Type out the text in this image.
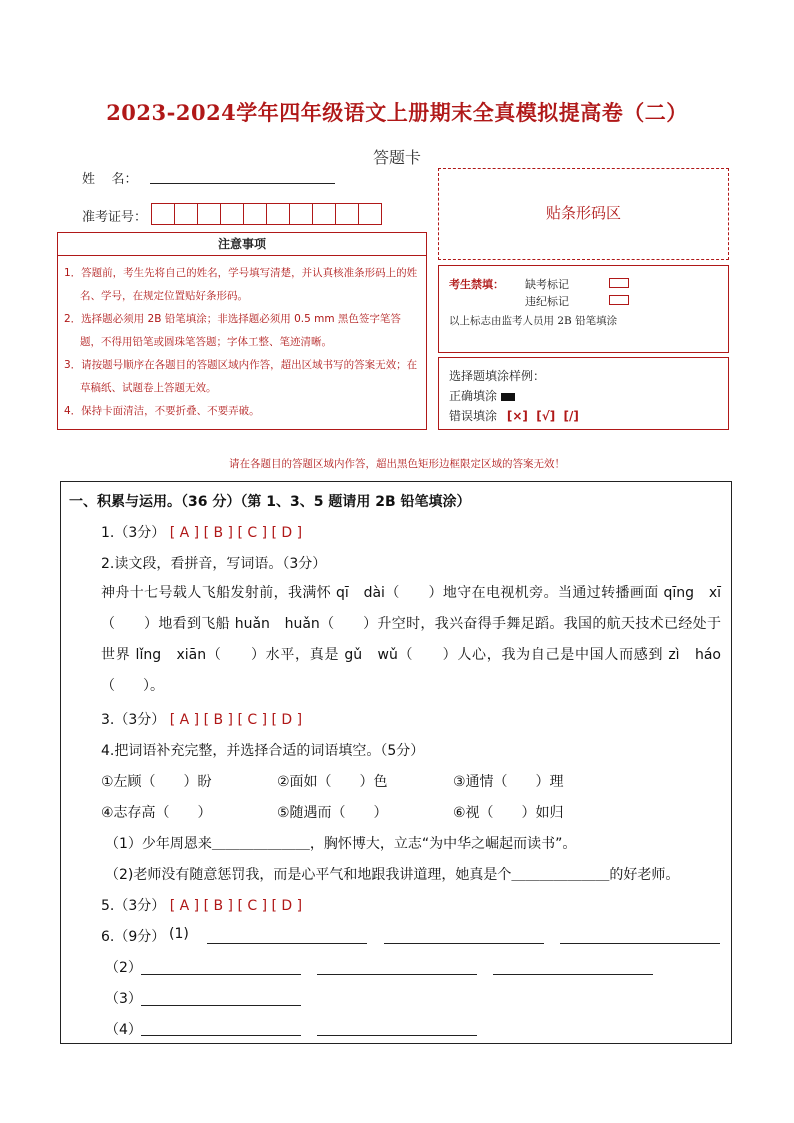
2023-2024学年四年级语文上册期末全真模拟提高卷（二）
答题卡
姓    名：
准考证号：
注意事项
1．答题前，考生先将自己的姓名，学号填写清楚，并认真核准条形码上的姓名、学号，在规定位置贴好条形码。
2．选择题必须用 2B 铅笔填涂；非选择题必须用 0.5 mm 黑色签字笔答题，不得用铅笔或圆珠笔答题；字体工整、笔迹清晰。
3．请按题号顺序在各题目的答题区域内作答，超出区域书写的答案无效；在草稿纸、试题卷上答题无效。
4．保持卡面清洁，不要折叠、不要弄破。
贴条形码区
考生禁填： 缺考标记
违纪标记
以上标志由监考人员用 2B 铅笔填涂
选择题填涂样例：
正确填涂
错误填涂 [×]  [√]  [/]
请在各题目的答题区域内作答，超出黑色矩形边框限定区域的答案无效！
一、积累与运用。（36 分）（第 1、3、5 题请用 2B 铅笔填涂）
1.（3分） [ A ] [ B ] [ C ] [ D ]
2.读文段，看拼音，写词语。（3分）
神舟十七号载人飞船发射前，我满怀 qī　dài（　　）地守在电视机旁。当通过转播画面 qīng　xī（　　）地看到飞船 huǎn　huǎn（　　）升空时，我兴奋得手舞足蹈。我国的航天技术已经处于世界 lǐng　xiān（　　）水平，真是 gǔ　wǔ（　　）人心，我为自己是中国人而感到 zì　háo（　　）。
3.（3分） [ A ] [ B ] [ C ] [ D ]
4.把词语补充完整，并选择合适的词语填空。（5分）
①左顾（　　）盼	②面如（　　）色	③通情（　　）理
④志存高（　　）	⑤随遇而（　　）	⑥视（　　）如归
（1）少年周恩来＿＿＿＿＿＿＿，胸怀博大，立志“为中华之崛起而读书”。
（2)老师没有随意惩罚我，而是心平气和地跟我讲道理，她真是个＿＿＿＿＿＿＿的好老师。
5.（3分） [ A ] [ B ] [ C ] [ D ]
6.（9分） (1)
（2）
（3）
（4）
